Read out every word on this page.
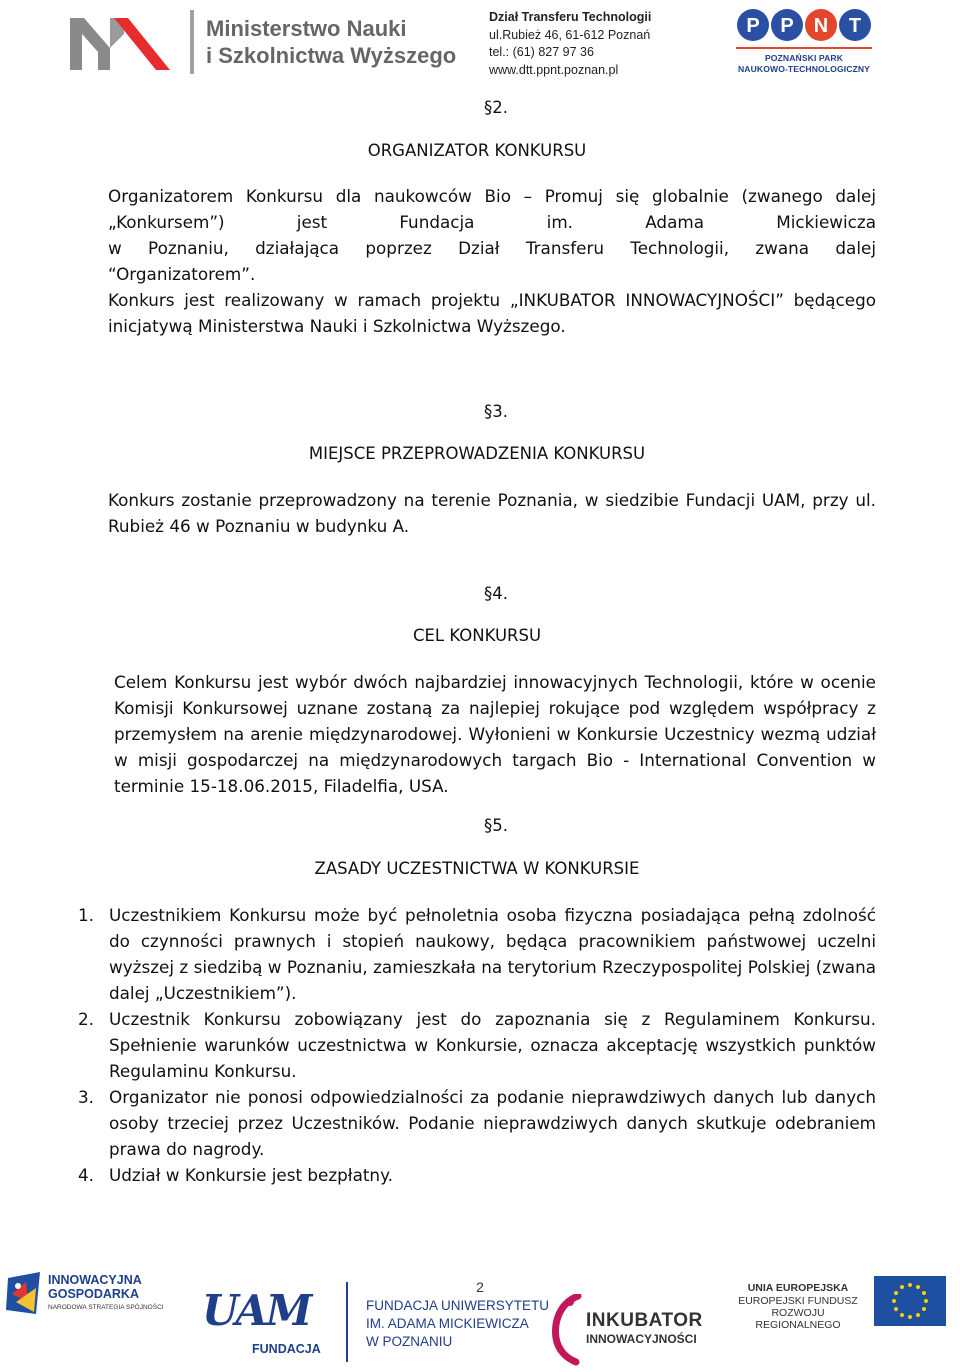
Ministerstwo Nauki
i Szkolnictwa Wyższego
Dział Transferu Technologii
ul.Rubież 46, 61-612 Poznań
tel.: (61) 827 97 36
www.dtt.ppnt.poznan.pl
P P N T
POZNAŃSKI PARK
NAUKOWO-TECHNOLOGICZNY
§2.
ORGANIZATOR KONKURSU
Organizatorem Konkursu dla naukowców Bio – Promuj się globalnie (zwanego dalej
„Konkursem”) jest Fundacja im. Adama Mickiewicza
w Poznaniu, działająca poprzez Dział Transferu Technologii, zwana dalej
“Organizatorem”.
Konkurs jest realizowany w ramach projektu „INKUBATOR INNOWACYJNOŚCI” będącego inicjatywą Ministerstwa Nauki i Szkolnictwa Wyższego.
§3.
MIEJSCE PRZEPROWADZENIA KONKURSU
Konkurs zostanie przeprowadzony na terenie Poznania, w siedzibie Fundacji UAM, przy ul. Rubież 46 w Poznaniu w budynku A.
§4.
CEL KONKURSU
Celem Konkursu jest wybór dwóch najbardziej innowacyjnych Technologii, które w ocenie Komisji Konkursowej uznane zostaną za najlepiej rokujące pod względem współpracy z przemysłem na arenie międzynarodowej. Wyłonieni w Konkursie Uczestnicy wezmą udział w misji gospodarczej na międzynarodowych targach Bio - International Convention w terminie 15-18.06.2015, Filadelfia, USA.
§5.
ZASADY UCZESTNICTWA W KONKURSIE
1. Uczestnikiem Konkursu może być pełnoletnia osoba fizyczna posiadająca pełną zdolność do czynności prawnych i stopień naukowy, będąca pracownikiem państwowej uczelni wyższej z siedzibą w Poznaniu, zamieszkała na terytorium Rzeczypospolitej Polskiej (zwana dalej „Uczestnikiem”).
2. Uczestnik Konkursu zobowiązany jest do zapoznania się z Regulaminem Konkursu. Spełnienie warunków uczestnictwa w Konkursie, oznacza akceptację wszystkich punktów Regulaminu Konkursu.
3. Organizator nie ponosi odpowiedzialności za podanie nieprawdziwych danych lub danych osoby trzeciej przez Uczestników. Podanie nieprawdziwych danych skutkuje odebraniem prawa do nagrody.
4. Udział w Konkursie jest bezpłatny.
2
INNOWACYJNA
GOSPODARKA
NARODOWA STRATEGIA SPÓJNOŚCI UAM
FUNDACJA
FUNDACJA UNIWERSYTETU
IM. ADAMA MICKIEWICZA
W POZNANIU
INKUBATOR
INNOWACYJNOŚCI
UNIA EUROPEJSKA
EUROPEJSKI FUNDUSZ
ROZWOJU REGIONALNEGO
